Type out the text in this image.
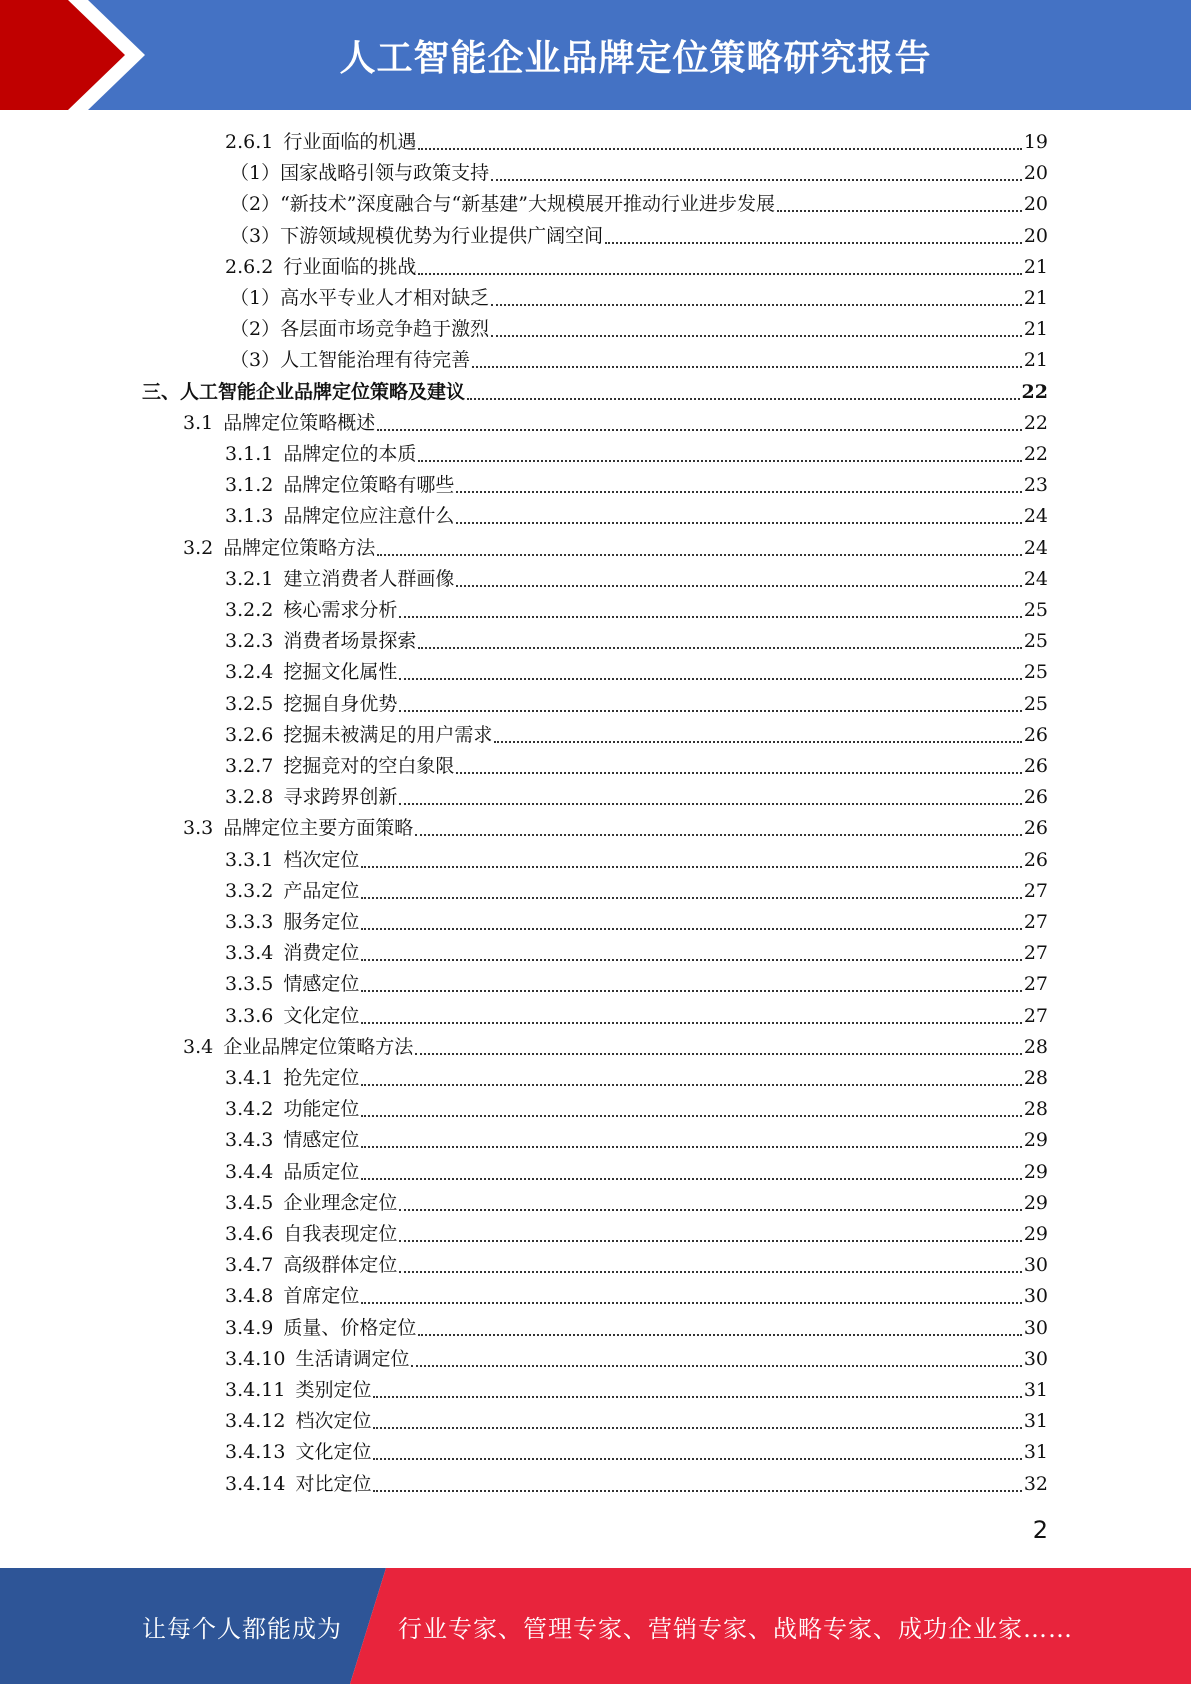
人工智能企业品牌定位策略研究报告
2.6.1 行业面临的机遇	19
（1） 国家战略引领与政策支持	20
（2） “新技术”深度融合与“新基建”大规模展开推动行业进步发展	20
（3） 下游领域规模优势为行业提供广阔空间	20
2.6.2 行业面临的挑战	21
（1） 高水平专业人才相对缺乏	21
（2） 各层面市场竞争趋于激烈	21
（3） 人工智能治理有待完善	21
三、 人工智能企业品牌定位策略及建议	22
3.1 品牌定位策略概述	22
3.1.1 品牌定位的本质	22
3.1.2 品牌定位策略有哪些	23
3.1.3 品牌定位应注意什么	24
3.2 品牌定位策略方法	24
3.2.1 建立消费者人群画像	24
3.2.2 核心需求分析	25
3.2.3 消费者场景探索	25
3.2.4 挖掘文化属性	25
3.2.5 挖掘自身优势	25
3.2.6 挖掘未被满足的用户需求	26
3.2.7 挖掘竞对的空白象限	26
3.2.8 寻求跨界创新	26
3.3 品牌定位主要方面策略	26
3.3.1 档次定位	26
3.3.2 产品定位	27
3.3.3 服务定位	27
3.3.4 消费定位	27
3.3.5 情感定位	27
3.3.6 文化定位	27
3.4 企业品牌定位策略方法	28
3.4.1 抢先定位	28
3.4.2 功能定位	28
3.4.3 情感定位	29
3.4.4 品质定位	29
3.4.5 企业理念定位	29
3.4.6 自我表现定位	29
3.4.7 高级群体定位	30
3.4.8 首席定位	30
3.4.9 质量、价格定位	30
3.4.10 生活请调定位	30
3.4.11 类别定位	31
3.4.12 档次定位	31
3.4.13 文化定位	31
3.4.14 对比定位	32
2
让每个人都能成为 行业专家、管理专家、营销专家、战略专家、成功企业家……
